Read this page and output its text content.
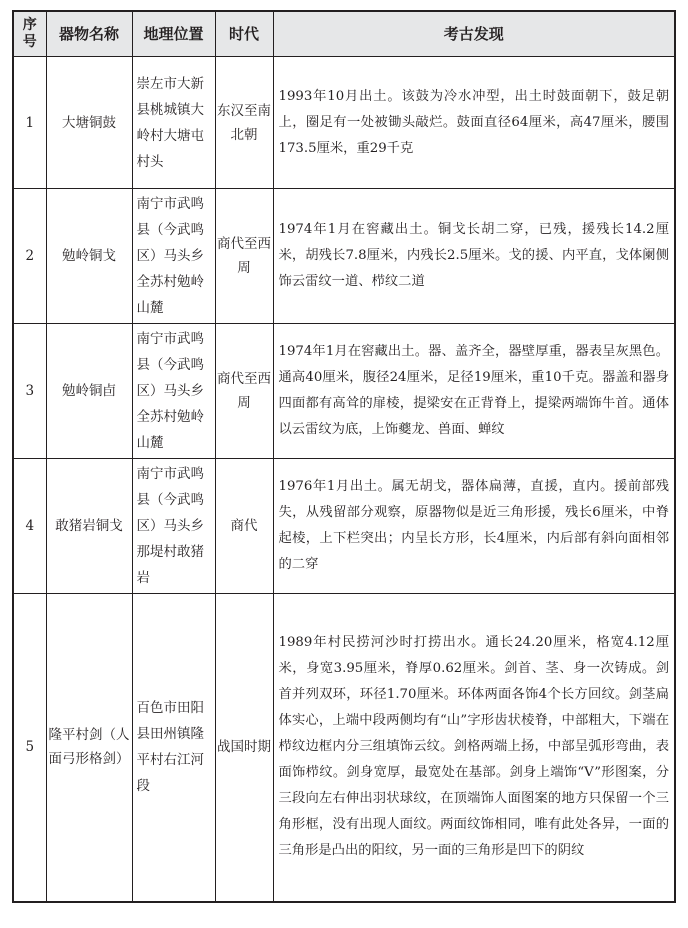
序
号	器物名称	地理位置	时代	考古发现
1	大塘铜鼓	崇左市大新县桃城镇大岭村大塘屯村头	东汉至南北朝	1993年10月出土。该鼓为冷水冲型，出土时鼓面朝下，鼓足朝上，圈足有一处被锄头敲烂。鼓面直径64厘米，高47厘米，腰围173.5厘米，重29千克
2	勉岭铜戈	南宁市武鸣县（今武鸣区）马头乡全苏村勉岭山麓	商代至西周	1974年1月在窖藏出土。铜戈长胡二穿，已残，援残长14.2厘米，胡残长7.8厘米，内残长2.5厘米。戈的援、内平直，戈体阑侧饰云雷纹一道、栉纹二道
3	勉岭铜卣	南宁市武鸣县（今武鸣区）马头乡全苏村勉岭山麓	商代至西周	1974年1月在窖藏出土。器、盖齐全，器壁厚重，器表呈灰黑色。通高40厘米，腹径24厘米，足径19厘米，重10千克。器盖和器身四面都有高耸的扉棱，提梁安在正背脊上，提梁两端饰牛首。通体以云雷纹为底，上饰夔龙、兽面、蝉纹
4	敢猪岩铜戈	南宁市武鸣县（今武鸣区）马头乡那堤村敢猪岩	商代	1976年1月出土。属无胡戈，器体扁薄，直援，直内。援前部残失，从残留部分观察，原器物似是近三角形援，残长6厘米，中脊起棱，上下栏突出；内呈长方形，长4厘米，内后部有斜向面相邻的二穿
5	隆平村剑（人面弓形格剑）	百色市田阳县田州镇隆平村右江河段	战国时期	1989年村民捞河沙时打捞出水。通长24.20厘米，格宽4.12厘米，身宽3.95厘米，脊厚0.62厘米。剑首、茎、身一次铸成。剑首并列双环，环径1.70厘米。环体两面各饰4个长方回纹。剑茎扁体实心，上端中段两侧均有“山”字形齿状棱脊，中部粗大，下端在栉纹边框内分三组填饰云纹。剑格两端上扬，中部呈弧形弯曲，表面饰栉纹。剑身宽厚，最宽处在基部。剑身上端饰“V”形图案，分三段向左右伸出羽状球纹，在顶端饰人面图案的地方只保留一个三角形框，没有出现人面纹。两面纹饰相同，唯有此处各异，一面的三角形是凸出的阳纹，另一面的三角形是凹下的阴纹
